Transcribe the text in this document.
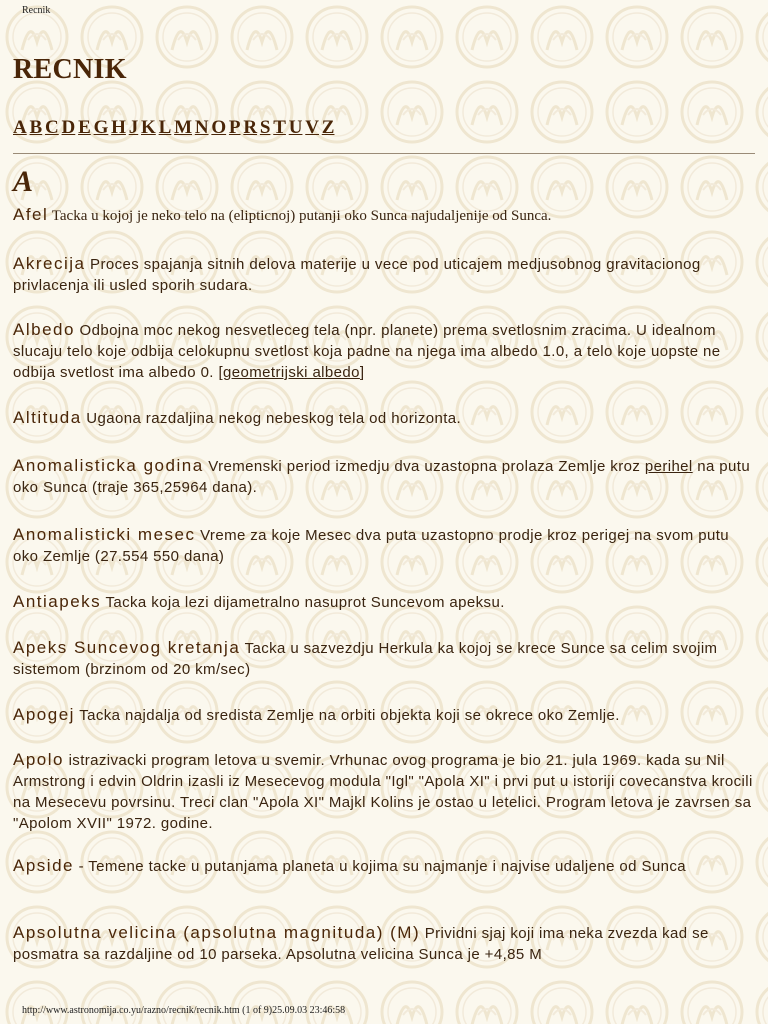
Recnik
RECNIK
A B C D E G H J K L M N O P R S T U V Z
A

Afel Tacka u kojoj je neko telo na (elipticnoj) putanji oko Sunca najudaljenije od Sunca.

Akrecija Proces spajanja sitnih delova materije u vece pod uticajem medjusobnog gravitacionog privlacenja ili usled sporih sudara.

Albedo Odbojna moc nekog nesvetleceg tela (npr. planete) prema svetlosnim zracima. U idealnom slucaju telo koje odbija celokupnu svetlost koja padne na njega ima albedo 1.0, a telo koje uopste ne odbija svetlost ima albedo 0. [geometrijski albedo]

Altituda Ugaona razdaljina nekog nebeskog tela od horizonta.

Anomalisticka godina Vremenski period izmedju dva uzastopna prolaza Zemlje kroz perihel na putu oko Sunca (traje 365,25964 dana).

Anomalisticki mesec Vreme za koje Mesec dva puta uzastopno prodje kroz perigej na svom putu oko Zemlje (27.554 550 dana)

Antiapeks Tacka koja lezi dijametralno nasuprot Suncevom apeksu.

Apeks Suncevog kretanja Tacka u sazvezdju Herkula ka kojoj se krece Sunce sa celim svojim sistemom (brzinom od 20 km/sec)

Apogej Tacka najdalja od sredista Zemlje na orbiti objekta koji se okrece oko Zemlje.

Apolo istrazivacki program letova u svemir. Vrhunac ovog programa je bio 21. jula 1969. kada su Nil Armstrong i edvin Oldrin izasli iz Mesecevog modula "Igl" "Apola XI" i prvi put u istoriji covecanstva krocili na Mesecevu povrsinu. Treci clan "Apola XI" Majkl Kolins je ostao u letelici. Program letova je zavrsen sa "Apolom XVII" 1972. godine.

Apside - Temene tacke u putanjama planeta u kojima su najmanje i najvise udaljene od Sunca

Apsolutna velicina (apsolutna magnituda) (M) Prividni sjaj koji ima neka zvezda kad se posmatra sa razdaljine od 10 parseka. Apsolutna velicina Sunca je +4,85 M

http://www.astronomija.co.yu/razno/recnik/recnik.htm (1 of 9)25.09.03 23:46:58
